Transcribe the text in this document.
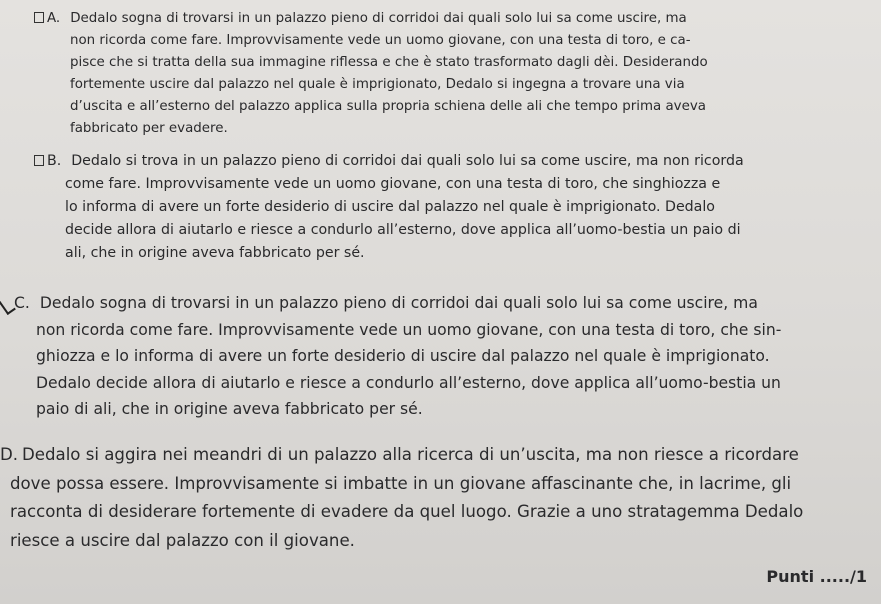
A. Dedalo sogna di trovarsi in un palazzo pieno di corridoi dai quali solo lui sa come uscire, ma
non ricorda come fare. Improvvisamente vede un uomo giovane, con una testa di toro, e ca-
pisce che si tratta della sua immagine riflessa e che è stato trasformato dagli dèi. Desiderando
fortemente uscire dal palazzo nel quale è imprigionato, Dedalo si ingegna a trovare una via
d’uscita e all’esterno del palazzo applica sulla propria schiena delle ali che tempo prima aveva
fabbricato per evadere.
B. Dedalo si trova in un palazzo pieno di corridoi dai quali solo lui sa come uscire, ma non ricorda
come fare. Improvvisamente vede un uomo giovane, con una testa di toro, che singhiozza e
lo informa di avere un forte desiderio di uscire dal palazzo nel quale è imprigionato. Dedalo
decide allora di aiutarlo e riesce a condurlo all’esterno, dove applica all’uomo-bestia un paio di
ali, che in origine aveva fabbricato per sé.
C. Dedalo sogna di trovarsi in un palazzo pieno di corridoi dai quali solo lui sa come uscire, ma
non ricorda come fare. Improvvisamente vede un uomo giovane, con una testa di toro, che sin-
ghiozza e lo informa di avere un forte desiderio di uscire dal palazzo nel quale è imprigionato.
Dedalo decide allora di aiutarlo e riesce a condurlo all’esterno, dove applica all’uomo-bestia un
paio di ali, che in origine aveva fabbricato per sé.
D. Dedalo si aggira nei meandri di un palazzo alla ricerca di un’uscita, ma non riesce a ricordare
dove possa essere. Improvvisamente si imbatte in un giovane affascinante che, in lacrime, gli
racconta di desiderare fortemente di evadere da quel luogo. Grazie a uno stratagemma Dedalo
riesce a uscire dal palazzo con il giovane.
Punti ...../1
